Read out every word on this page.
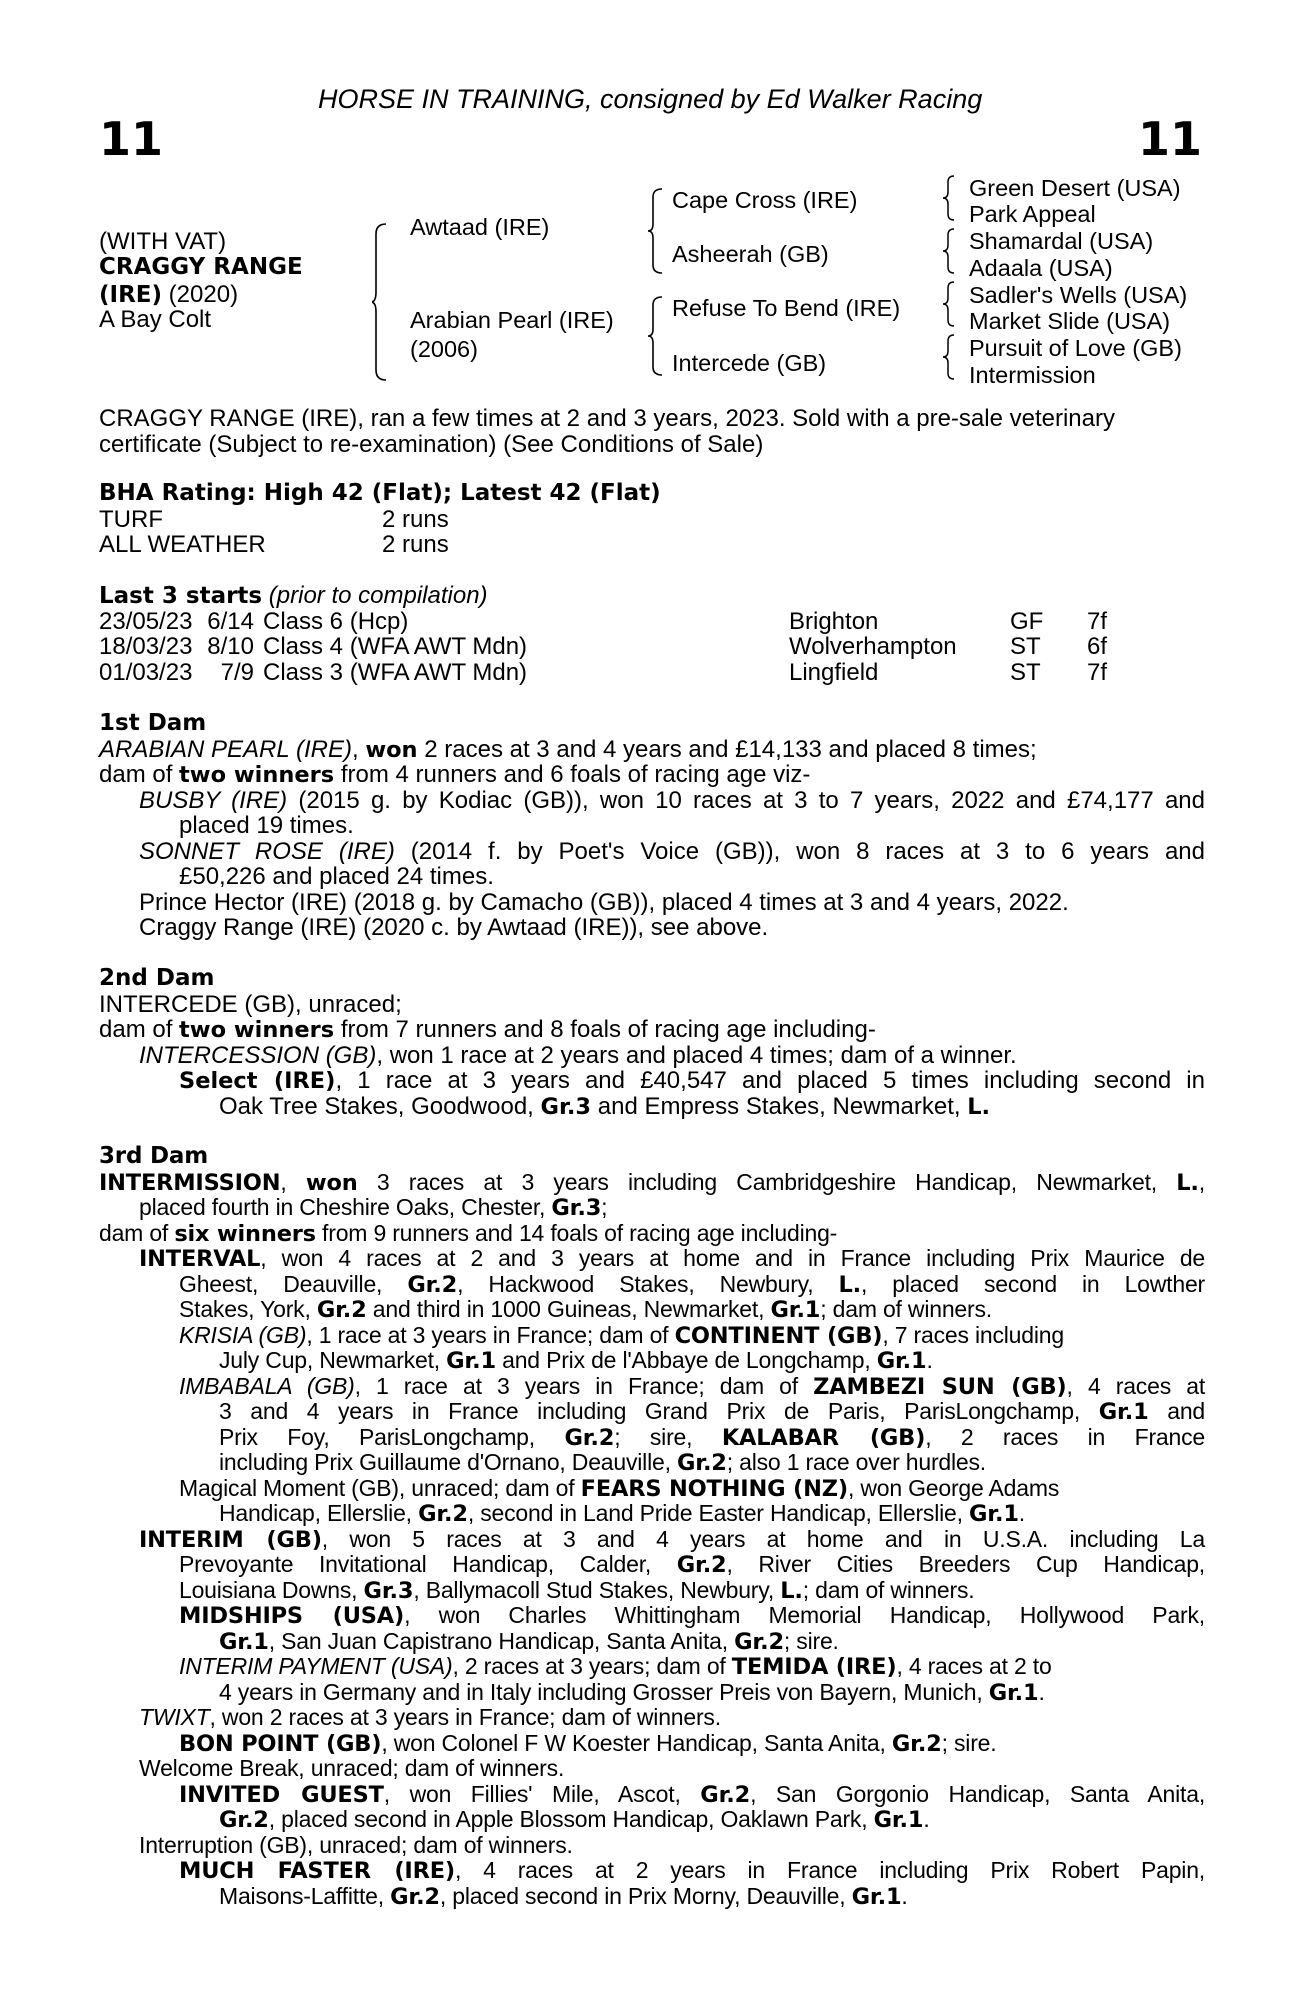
HORSE IN TRAINING, consigned by Ed Walker Racing
11	11
(WITH VAT)
CRAGGY RANGE
(IRE) (2020)
A Bay Colt
Awtaad (IRE)
Arabian Pearl (IRE)
(2006)
Cape Cross (IRE)
Asheerah (GB)
Refuse To Bend (IRE)
Intercede (GB)
Green Desert (USA)
Park Appeal
Shamardal (USA)
Adaala (USA)
Sadler's Wells (USA)
Market Slide (USA)
Pursuit of Love (GB)
Intermission
CRAGGY RANGE (IRE), ran a few times at 2 and 3 years, 2023. Sold with a pre-sale veterinary
certificate (Subject to re-examination) (See Conditions of Sale)
BHA Rating: High 42 (Flat); Latest 42 (Flat)
TURF	2 runs
ALL WEATHER	2 runs
Last 3 starts (prior to compilation)
23/05/23	6/14	Class 6 (Hcp)	Brighton	GF	7f
18/03/23	8/10	Class 4 (WFA AWT Mdn)	Wolverhampton	ST	6f
01/03/23	7/9	Class 3 (WFA AWT Mdn)	Lingfield	ST	7f
1st Dam
ARABIAN PEARL (IRE), won 2 races at 3 and 4 years and £14,133 and placed 8 times;
dam of two winners from 4 runners and 6 foals of racing age viz-
BUSBY (IRE) (2015 g. by Kodiac (GB)), won 10 races at 3 to 7 years, 2022 and £74,177 and
placed 19 times.
SONNET ROSE (IRE) (2014 f. by Poet's Voice (GB)), won 8 races at 3 to 6 years and
£50,226 and placed 24 times.
Prince Hector (IRE) (2018 g. by Camacho (GB)), placed 4 times at 3 and 4 years, 2022.
Craggy Range (IRE) (2020 c. by Awtaad (IRE)), see above.
2nd Dam
INTERCEDE (GB), unraced;
dam of two winners from 7 runners and 8 foals of racing age including-
INTERCESSION (GB), won 1 race at 2 years and placed 4 times; dam of a winner.
Select (IRE), 1 race at 3 years and £40,547 and placed 5 times including second in
Oak Tree Stakes, Goodwood, Gr.3 and Empress Stakes, Newmarket, L.
3rd Dam
INTERMISSION, won 3 races at 3 years including Cambridgeshire Handicap, Newmarket, L.,
placed fourth in Cheshire Oaks, Chester, Gr.3;
dam of six winners from 9 runners and 14 foals of racing age including-
INTERVAL, won 4 races at 2 and 3 years at home and in France including Prix Maurice de
Gheest, Deauville, Gr.2, Hackwood Stakes, Newbury, L., placed second in Lowther
Stakes, York, Gr.2 and third in 1000 Guineas, Newmarket, Gr.1; dam of winners.
KRISIA (GB), 1 race at 3 years in France; dam of CONTINENT (GB), 7 races including
July Cup, Newmarket, Gr.1 and Prix de l'Abbaye de Longchamp, Gr.1.
IMBABALA (GB), 1 race at 3 years in France; dam of ZAMBEZI SUN (GB), 4 races at
3 and 4 years in France including Grand Prix de Paris, ParisLongchamp, Gr.1 and
Prix Foy, ParisLongchamp, Gr.2; sire, KALABAR (GB), 2 races in France
including Prix Guillaume d'Ornano, Deauville, Gr.2; also 1 race over hurdles.
Magical Moment (GB), unraced; dam of FEARS NOTHING (NZ), won George Adams
Handicap, Ellerslie, Gr.2, second in Land Pride Easter Handicap, Ellerslie, Gr.1.
INTERIM (GB), won 5 races at 3 and 4 years at home and in U.S.A. including La
Prevoyante Invitational Handicap, Calder, Gr.2, River Cities Breeders Cup Handicap,
Louisiana Downs, Gr.3, Ballymacoll Stud Stakes, Newbury, L.; dam of winners.
MIDSHIPS (USA), won Charles Whittingham Memorial Handicap, Hollywood Park,
Gr.1, San Juan Capistrano Handicap, Santa Anita, Gr.2; sire.
INTERIM PAYMENT (USA), 2 races at 3 years; dam of TEMIDA (IRE), 4 races at 2 to
4 years in Germany and in Italy including Grosser Preis von Bayern, Munich, Gr.1.
TWIXT, won 2 races at 3 years in France; dam of winners.
BON POINT (GB), won Colonel F W Koester Handicap, Santa Anita, Gr.2; sire.
Welcome Break, unraced; dam of winners.
INVITED GUEST, won Fillies' Mile, Ascot, Gr.2, San Gorgonio Handicap, Santa Anita,
Gr.2, placed second in Apple Blossom Handicap, Oaklawn Park, Gr.1.
Interruption (GB), unraced; dam of winners.
MUCH FASTER (IRE), 4 races at 2 years in France including Prix Robert Papin,
Maisons-Laffitte, Gr.2, placed second in Prix Morny, Deauville, Gr.1.
